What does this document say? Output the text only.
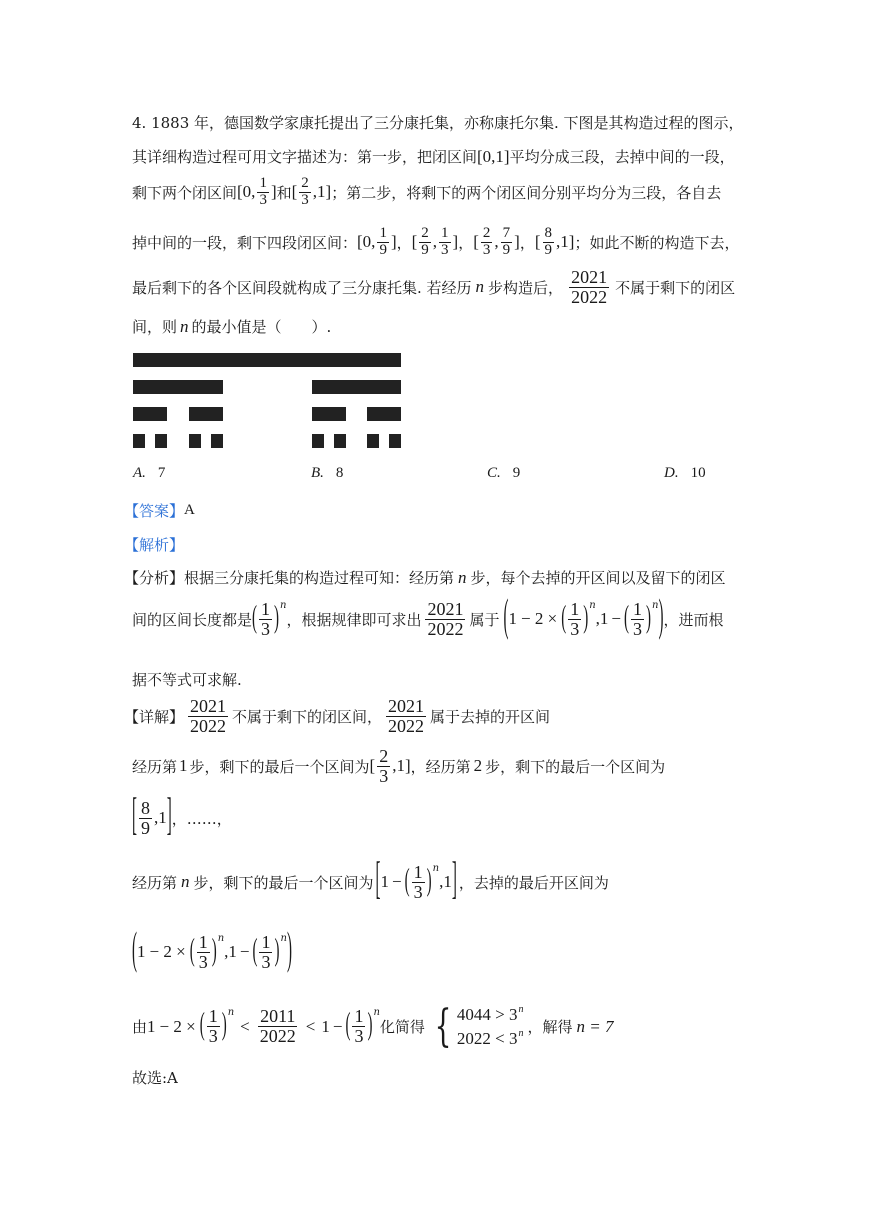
4. 1883 年，德国数学家康托提出了三分康托集，亦称康托尔集. 下图是其构造过程的图示，
其详细构造过程可用文字描述为：第一步，把闭区间 [0,1] 平均分成三段，去掉中间的一段，
剩下两个闭区间 [0, $\frac{1}{3}$ ] 和 [ $\frac{2}{3} ,1$] ；第二步，将剩下的两个闭区间分别平均分为三段，各自去
掉中间的一段，剩下四段闭区间： [0, $\frac{1}{9}$ ] ， [ $\frac{2}{9}$ , $\frac{1}{3}$ ] ， [ $\frac{2}{3}$ , $\frac{7}{9}$ ] ， [ $\frac{8}{9} ,1$] ；如此不断的构造下去，
最后剩下的各个区间段就构成了三分康托集. 若经历 n 步构造后， $\frac{2021}{2022}$ 不属于剩下的闭区
间，则 n 的最小值是（　　）.
A. 7	B. 8	C. 9	D. 10
【答案】 A
【解析】
【分析】 根据三分康托集的构造过程可知：经历第 n 步，每个去掉的开区间以及留下的闭区
间的区间长度都是 ( $\frac{1}{3}$ ) n
，根据规律即可求出 $\frac{2021}{2022}$ 属于 ( 1 − 2 × ( $\frac{1}{3}$ ) n
, 1 − ( $\frac{1}{3}$ ) n ) ，进而根
据不等式可求解.
【详解】 $\frac{2021}{2022}$ 不属于剩下的闭区间， $\frac{2021}{2022}$ 属于去掉的开区间
经历第 1 步，剩下的最后一个区间为 [ $\frac{2}{3} ,1$] ，经历第 2 步，剩下的最后一个区间为
[ $\frac{8}{9}$ , 1 ] ，……，
经历第 n 步，剩下的最后一个区间为 [ 1 − ( $\frac{1}{3}$ ) n
, 1 ] ，去掉的最后开区间为
( 1 − 2 × ( $\frac{1}{3}$ ) n
, 1 − ( $\frac{1}{3}$ ) n )
由 1 − 2 × ( $\frac{1}{3}$ ) n
< $\frac{2011}{2022} < 1$ − ( $\frac{1}{3}$ ) n
化简得 { $4044 > 3^n$
$2022 < 3^n$ ，解得 n = 7
故选:A
